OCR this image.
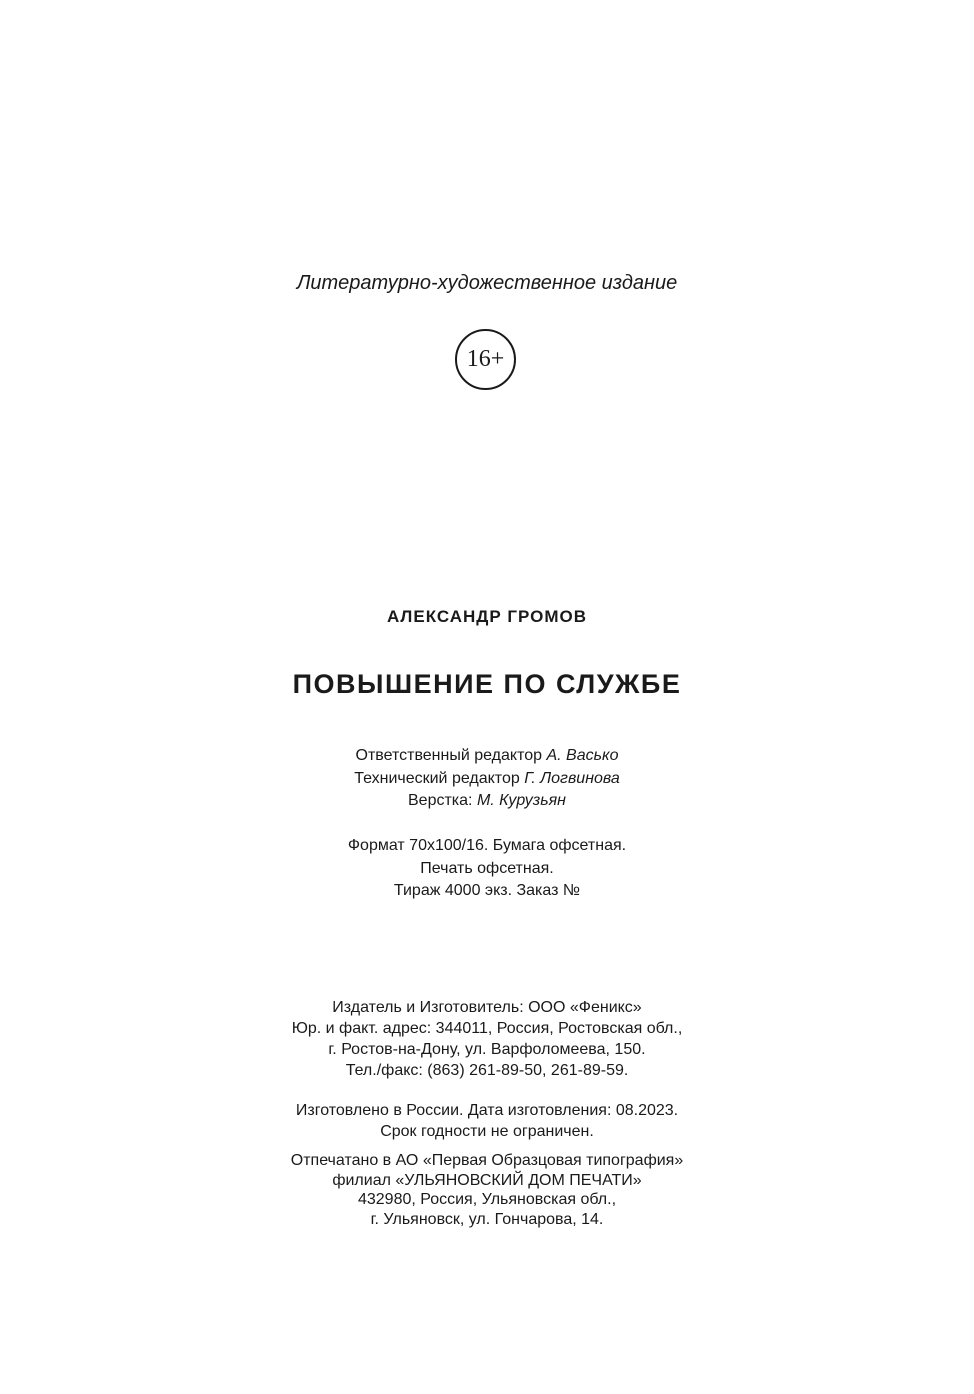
Литературно-художественное издание
16+
АЛЕКСАНДР ГРОМОВ
ПОВЫШЕНИЕ ПО СЛУЖБЕ
Ответственный редактор А. Васько
Технический редактор Г. Логвинова
Верстка: М. Курузьян
Формат 70x100/16. Бумага офсетная.
Печать офсетная.
Тираж 4000 экз. Заказ №
Издатель и Изготовитель: ООО «Феникс»
Юр. и факт. адрес: 344011, Россия, Ростовская обл.,
г. Ростов-на-Дону, ул. Варфоломеева, 150.
Тел./факс: (863) 261-89-50, 261-89-59.
Изготовлено в России. Дата изготовления: 08.2023.
Срок годности не ограничен.
Отпечатано в АО «Первая Образцовая типография»
филиал «УЛЬЯНОВСКИЙ ДОМ ПЕЧАТИ»
432980, Россия, Ульяновская обл.,
г. Ульяновск, ул. Гончарова, 14.
